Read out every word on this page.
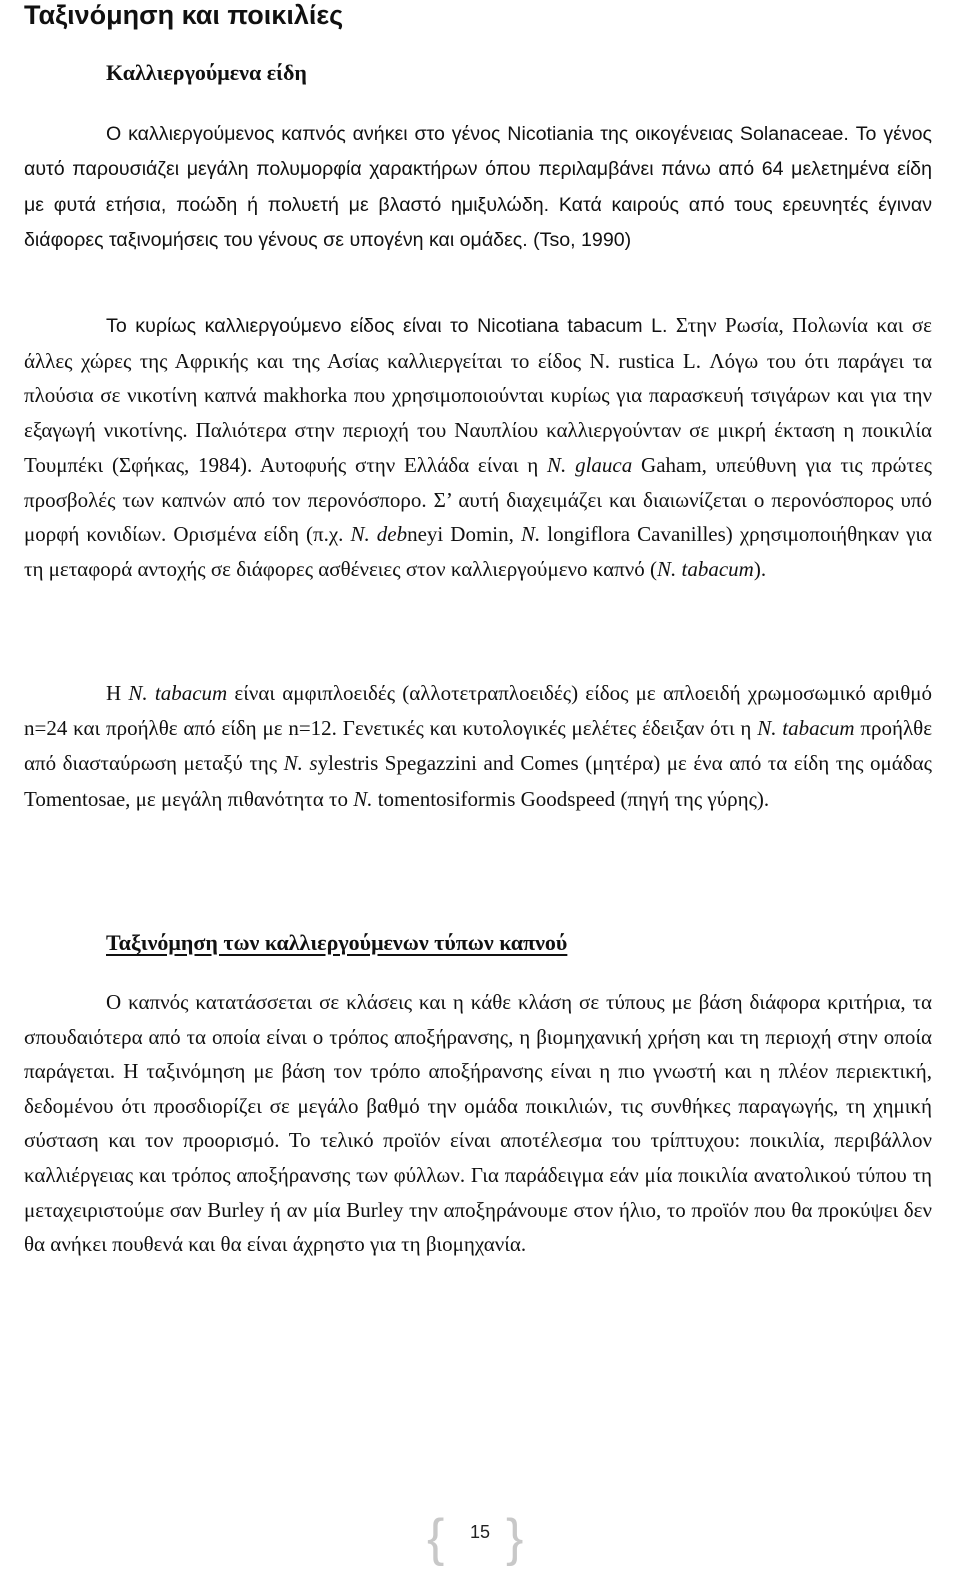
Ταξινόμηση και ποικιλίες
Καλλιεργούμενα είδη

Ο καλλιεργούμενος καπνός ανήκει στο γένος Nicotiania της οικογένειας Solanaceae. Το γένος αυτό παρουσιάζει μεγάλη πολυμορφία χαρακτήρων όπου περιλαμβάνει πάνω από 64 μελετημένα είδη με φυτά ετήσια, ποώδη ή πολυετή με βλαστό ημιξυλώδη. Κατά καιρούς από τους ερευνητές έγιναν διάφορες ταξινομήσεις του γένους σε υπογένη και ομάδες. (Tso, 1990)

Το κυρίως καλλιεργούμενο είδος είναι το Nicotiana tabacum L. Στην Ρωσία, Πολωνία και σε άλλες χώρες της Αφρικής και της Ασίας καλλιεργείται το είδος N. rustica L. Λόγω του ότι παράγει τα πλούσια σε νικοτίνη καπνά makhorka που χρησιμοποιούνται κυρίως για παρασκευή τσιγάρων και για την εξαγωγή νικοτίνης. Παλιότερα στην περιοχή του Ναυπλίου καλλιεργούνταν σε μικρή έκταση η ποικιλία Τουμπέκι (Σφήκας, 1984). Αυτοφυής στην Ελλάδα είναι η N. glauca Gaham, υπεύθυνη για τις πρώτες προσβολές των καπνών από τον περονόσπορο. Σ’ αυτή διαχειμάζει και διαιωνίζεται ο περονόσπορος υπό μορφή κονιδίων. Ορισμένα είδη (π.χ. N. debneyi Domin, N. longiflora Cavanilles) χρησιμοποιήθηκαν για τη μεταφορά αντοχής σε διάφορες ασθένειες στον καλλιεργούμενο καπνό (N. tabacum).

Η N. tabacum είναι αμφιπλοειδές (αλλοτετραπλοειδές) είδος με απλοειδή χρωμοσωμικό αριθμό n=24 και προήλθε από είδη με n=12. Γενετικές και κυτολογικές μελέτες έδειξαν ότι η N. tabacum προήλθε από διασταύρωση μεταξύ της N. sylestris Spegazzini and Comes (μητέρα) με ένα από τα είδη της ομάδας Tomentosae, με μεγάλη πιθανότητα το N. tomentosiformis Goodspeed (πηγή της γύρης).

Ταξινόμηση των καλλιεργούμενων τύπων καπνού

Ο καπνός κατατάσσεται σε κλάσεις και η κάθε κλάση σε τύπους με βάση διάφορα κριτήρια, τα σπουδαιότερα από τα οποία είναι ο τρόπος αποξήρανσης, η βιομηχανική χρήση και τη περιοχή στην οποία παράγεται. Η ταξινόμηση με βάση τον τρόπο αποξήρανσης είναι η πιο γνωστή και η πλέον περιεκτική, δεδομένου ότι προσδιορίζει σε μεγάλο βαθμό την ομάδα ποικιλιών, τις συνθήκες παραγωγής, τη χημική σύσταση και τον προορισμό. Το τελικό προϊόν είναι αποτέλεσμα του τρίπτυχου: ποικιλία, περιβάλλον καλλιέργειας και τρόπος αποξήρανσης των φύλλων. Για παράδειγμα εάν μία ποικιλία ανατολικού τύπου τη μεταχειριστούμε σαν Burley ή αν μία Burley την αποξηράνουμε στον ήλιο, το προϊόν που θα προκύψει δεν θα ανήκει πουθενά και θα είναι άχρηστο για τη βιομηχανία.

{	15 }
